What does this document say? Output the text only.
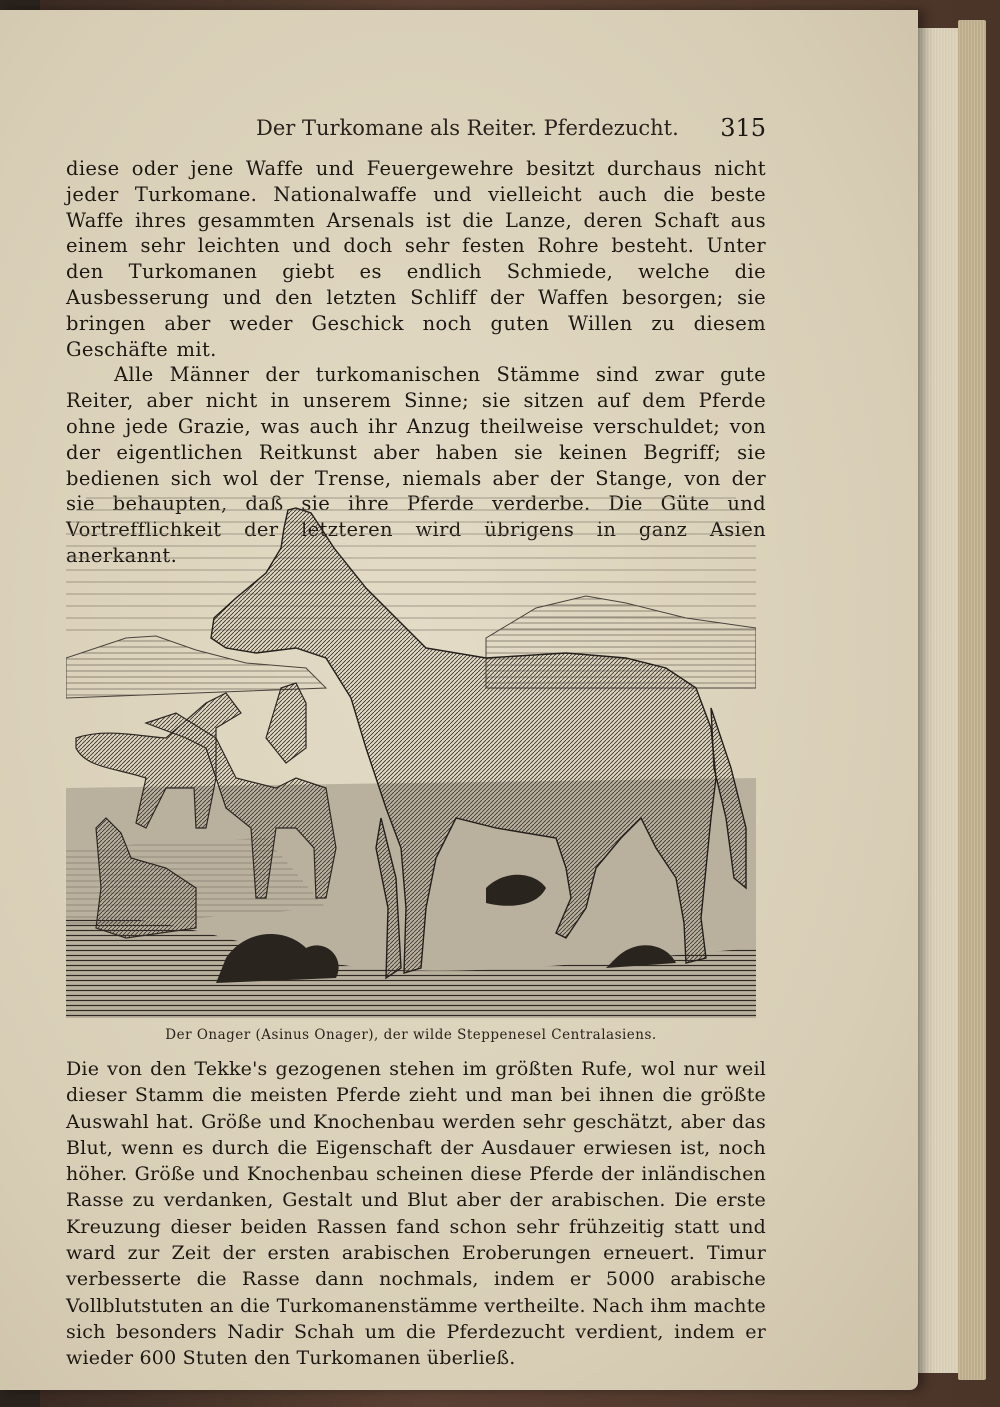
Der Turkomane als Reiter. Pferdezucht. 315

diese oder jene Waffe und Feuergewehre besitzt durchaus nicht jeder Turkomane. Nationalwaffe und vielleicht auch die beste Waffe ihres gesammten Arsenals ist die Lanze, deren Schaft aus einem sehr leichten und doch sehr festen Rohre besteht. Unter den Turkomanen giebt es endlich Schmiede, welche die Ausbesserung und den letzten Schliff der Waffen besorgen; sie bringen aber weder Geschick noch guten Willen zu diesem Geschäfte mit.

Alle Männer der turkomanischen Stämme sind zwar gute Reiter, aber nicht in unserem Sinne; sie sitzen auf dem Pferde ohne jede Grazie, was auch ihr Anzug theilweise verschuldet; von der eigentlichen Reitkunst aber haben sie keinen Begriff; sie bedienen sich wol der Trense, niemals aber der Stange, von der sie behaupten, daß sie ihre Pferde verderbe. Die Güte und Vortrefflichkeit der letzteren wird übrigens in ganz Asien anerkannt.

Der Onager (Asinus Onager), der wilde Steppenesel Centralasiens.

Die von den Tekke's gezogenen stehen im größten Rufe, wol nur weil dieser Stamm die meisten Pferde zieht und man bei ihnen die größte Auswahl hat. Größe und Knochenbau werden sehr geschätzt, aber das Blut, wenn es durch die Eigenschaft der Ausdauer erwiesen ist, noch höher. Größe und Knochenbau scheinen diese Pferde der inländischen Rasse zu verdanken, Gestalt und Blut aber der arabischen. Die erste Kreuzung dieser beiden Rassen fand schon sehr frühzeitig statt und ward zur Zeit der ersten arabischen Eroberungen erneuert. Timur verbesserte die Rasse dann nochmals, indem er 5000 arabische Vollblutstuten an die Turkomanenstämme vertheilte. Nach ihm machte sich besonders Nadir Schah um die Pferdezucht verdient, indem er wieder 600 Stuten den Turkomanen überließ.
